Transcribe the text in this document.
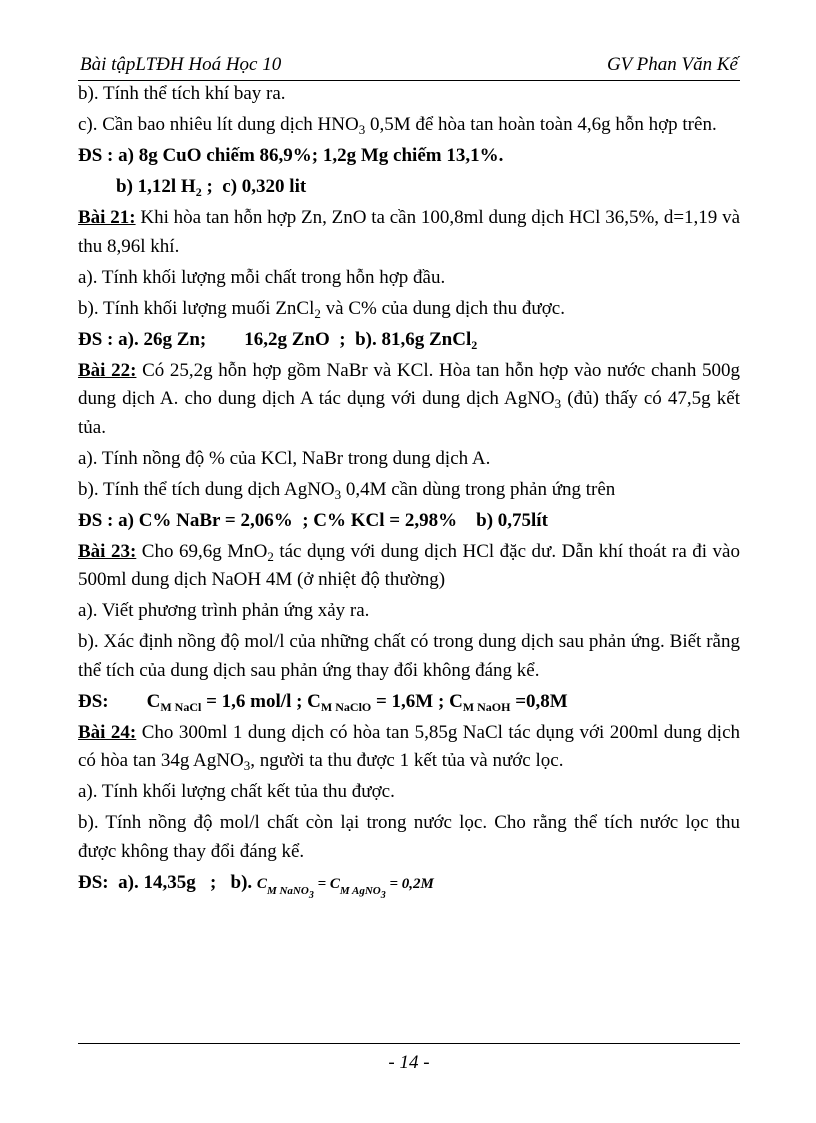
Bài tậpLTĐH Hoá Học 10	GV Phan Văn Kế

b). Tính thể tích khí bay ra.

c). Cần bao nhiêu lít dung dịch $HNO_3$ 0,5M để hòa tan hoàn toàn 4,6g hỗn hợp trên.

ĐS : a) 8g CuO chiếm 86,9%; 1,2g Mg chiếm 13,1%.

b) 1,12l $H_2$ ;  c) 0,320 lit

Bài 21: Khi hòa tan hỗn hợp Zn, ZnO ta cần 100,8ml dung dịch HCl 36,5%, d=1,19 và thu 8,96l khí.

a). Tính khối lượng mỗi chất trong hỗn hợp đầu.

b). Tính khối lượng muối ZnCl$_2$ và C% của dung dịch thu được.

ĐS : a). 26g Zn;        16,2g ZnO  ;  b). 81,6g ZnCl$_2$

Bài 22: Có 25,2g hỗn hợp gồm NaBr và KCl. Hòa tan hỗn hợp vào nước chanh 500g dung dịch A. cho dung dịch A tác dụng với dung dịch AgNO$_3$ (đủ) thấy có 47,5g kết tủa.

a). Tính nồng độ % của KCl, NaBr trong dung dịch A.

b). Tính thể tích dung dịch AgNO$_3$ 0,4M cần dùng trong phản ứng trên

ĐS : a) C% NaBr = 2,06%  ; C% KCl = 2,98%    b) 0,75lít

Bài 23: Cho 69,6g MnO$_2$ tác dụng với dung dịch HCl đặc dư. Dẫn khí thoát ra đi vào 500ml dung dịch NaOH 4M (ở nhiệt độ thường)

a). Viết phương trình phản ứng xảy ra.

b). Xác định nồng độ mol/l của những chất có trong dung dịch sau phản ứng. Biết rằng thể tích của dung dịch sau phản ứng thay đổi không đáng kể.

ĐS: $C_{M NaCl} = 1,6$ mol/l ; $C_{M NaClO} = 1,6M$ ; $C_{M NaOH} =0,8M$

Bài 24: Cho 300ml 1 dung dịch có hòa tan 5,85g NaCl tác dụng với 200ml dung dịch có hòa tan 34g AgNO$_3$, người ta thu được 1 kết tủa và nước lọc.

a). Tính khối lượng chất kết tủa thu được.

b). Tính nồng độ mol/l chất còn lại trong nước lọc. Cho rằng thể tích nước lọc thu được không thay đổi đáng kể.

ĐS:  a). 14,35g   ;   b). $C_{M NaNO3} = C_{M AgNO3} = 0,2M$

- 14 -
